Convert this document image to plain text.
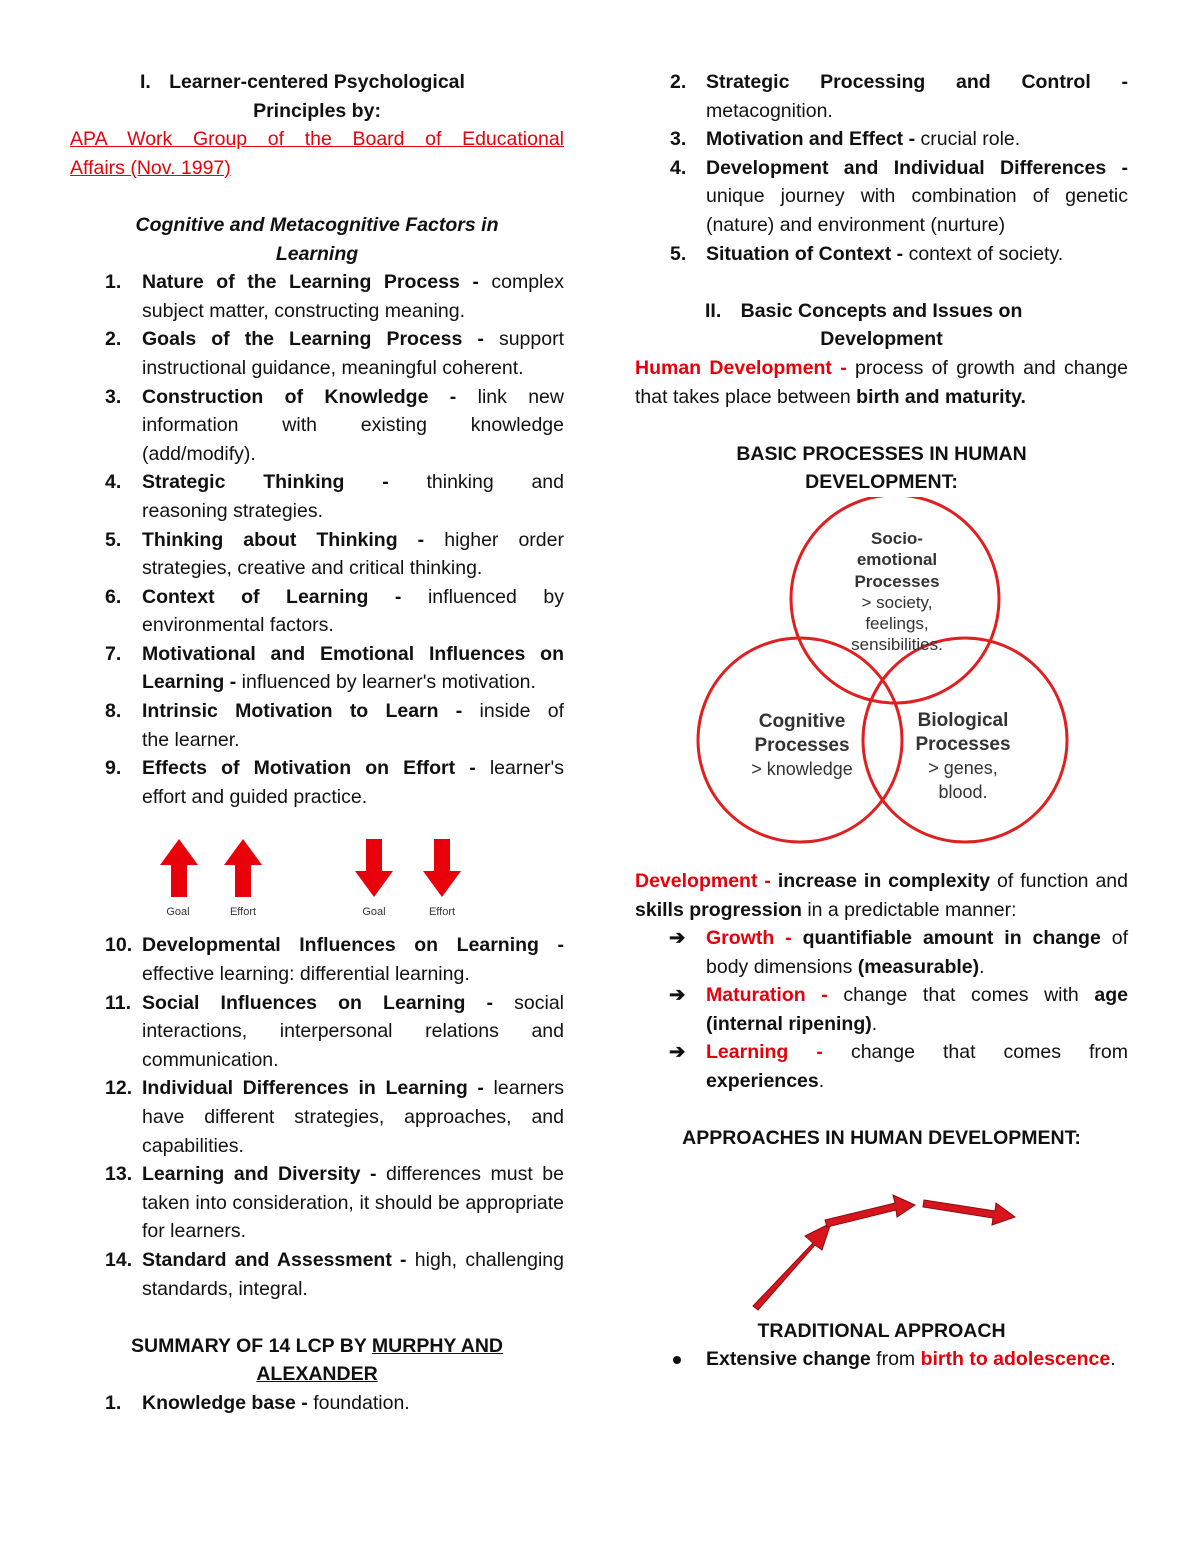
I. Learner-centered Psychological

Principles by:

APA Work Group of the Board of Educational

Affairs (Nov. 1997)

Cognitive and Metacognitive Factors in

Learning

1. Nature of the Learning Process - complex
subject matter, constructing meaning.
2. Goals of the Learning Process - support
instructional guidance, meaningful coherent.
3. Construction of Knowledge - link new
information with existing knowledge (add/modify).
4. Strategic Thinking - thinking and
reasoning strategies.
5. Thinking about Thinking - higher order
strategies, creative and critical thinking.
6. Context of Learning - influenced by
environmental factors.
7. Motivational and Emotional Influences on Learning - influenced by learner's motivation.
8. Intrinsic Motivation to Learn - inside of
the learner.
9. Effects of Motivation on Effort - learner's
effort and guided practice.
Goal	Effort	Goal	Effort
10. Developmental Influences on Learning - effective learning: differential learning.
11. Social Influences on Learning - social interactions, interpersonal relations and communication.
12. Individual Differences in Learning - learners have different strategies, approaches, and capabilities.
13. Learning and Diversity - differences must be taken into consideration, it should be appropriate for learners.
14. Standard and Assessment - high, challenging standards, integral.

SUMMARY OF 14 LCP BY MURPHY AND

ALEXANDER

1. Knowledge base - foundation.
2. Strategic Processing and Control - metacognition.
3. Motivation and Effect - crucial role.
4. Development and Individual Differences - unique journey with combination of genetic (nature) and environment (nurture)
5. Situation of Context - context of society.
II. Basic Concepts and Issues on

Development

Human Development - process of growth and change that takes place between birth and maturity.

BASIC PROCESSES IN HUMAN

DEVELOPMENT:

Socio-
emotional
Processes
> society,
feelings,
sensibilities.
Cognitive
Processes
> knowledge
Biological
Processes
> genes,
blood.

Development - increase in complexity of function and skills progression in a predictable manner:

➔ Growth - quantifiable amount in change of body dimensions (measurable).
➔ Maturation - change that comes with age (internal ripening).
➔ Learning - change that comes from experiences.

APPROACHES IN HUMAN DEVELOPMENT:

TRADITIONAL APPROACH

Extensive change from birth to adolescence.
